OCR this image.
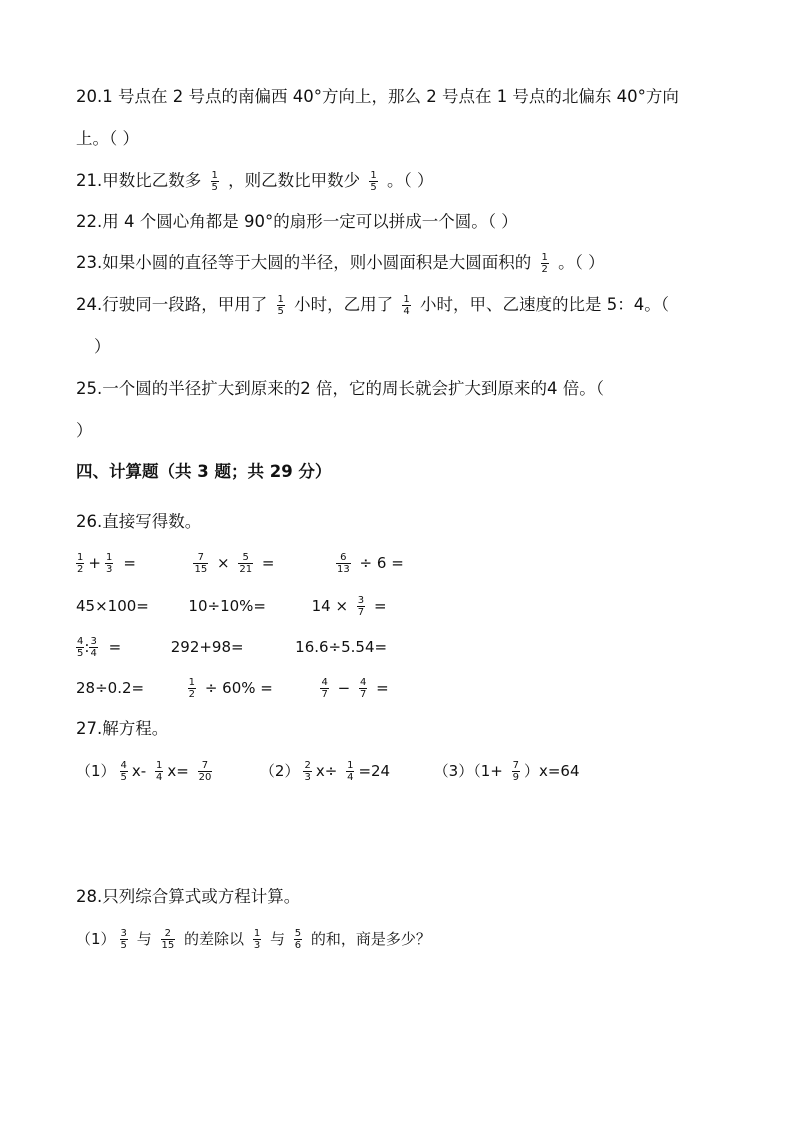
20.1 号点在 2 号点的南偏西 40°方向上，那么 2 号点在 1 号点的北偏东 40°方向
上。（ ）
21.甲数比乙数多 $\frac{1}{5}$ ，则乙数比甲数少 $\frac{1}{5}$ 。（ ）
22.用 4 个圆心角都是 90°的扇形一定可以拼成一个圆。（ ）
23.如果小圆的直径等于大圆的半径，则小圆面积是大圆面积的 $\frac{1}{2}$ 。（ ）
24.行驶同一段路，甲用了 $\frac{1}{5}$ 小时，乙用了 $\frac{1}{4}$ 小时，甲、乙速度的比是 5：4。（
）
25.一个圆的半径扩大到原来的2 倍，它的周长就会扩大到原来的4 倍。（
）
四、计算题（共 3 题；共 29 分）
26.直接写得数。
$\frac{1}{2} + \frac{1}{3}$ =	$\frac{7}{15} \times \frac{5}{21}$ =	$\frac{6}{13} \div 6$ =
45×100=	10÷10%=	$14 \times \frac{3}{7}$ =
$\frac{4}{5}$ : $\frac{3}{4}$ =	292+98=	16.6÷5.54=
28÷0.2=	$\frac{1}{2} \div 60\%$ =	$\frac{4}{7} - \frac{4}{7}$ =
27.解方程。
$(1) \frac{4}{5} x- \frac{1}{4} x= \frac{7}{20}$	$(2) \frac{2}{3} x\div \frac{1}{4} =24$	$(3)(1+ \frac{7}{9} )x=64$
28.只列综合算式或方程计算。
$(1) \frac{3}{5}$ 与 $\frac{2}{15}$ 的差除以 $\frac{1}{3}$ 与 $\frac{5}{6}$ 的和，商是多少？
